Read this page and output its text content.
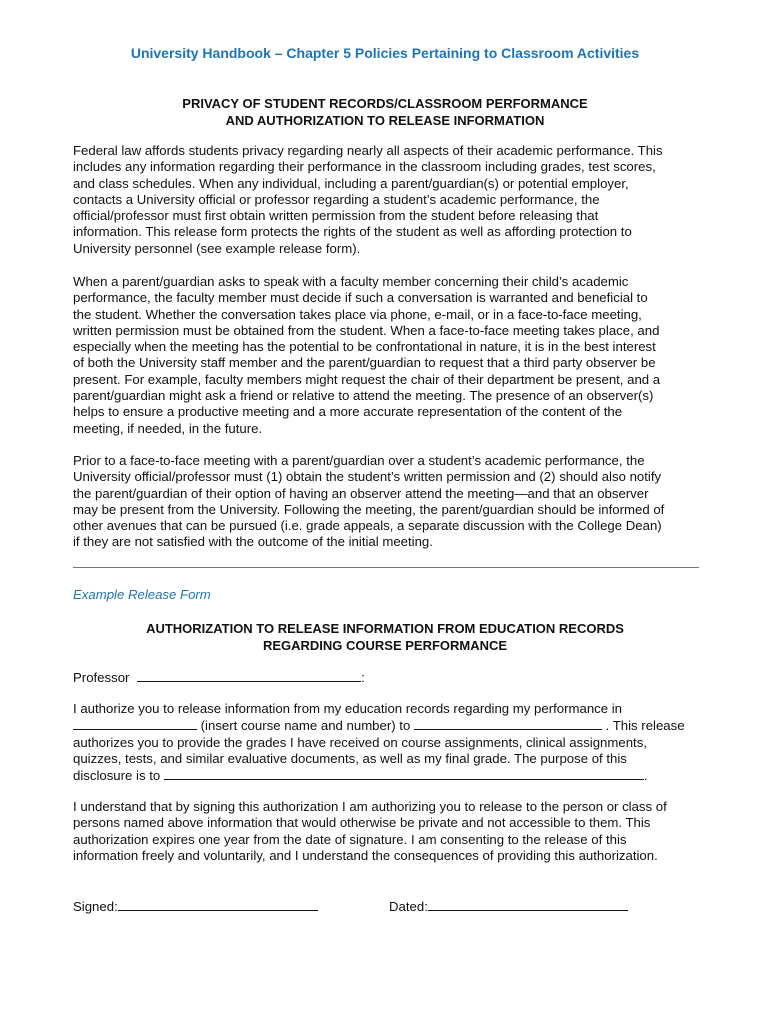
University Handbook – Chapter 5 Policies Pertaining to Classroom Activities
PRIVACY OF STUDENT RECORDS/CLASSROOM PERFORMANCE
AND AUTHORIZATION TO RELEASE INFORMATION

Federal law affords students privacy regarding nearly all aspects of their academic performance. This
includes any information regarding their performance in the classroom including grades, test scores,
and class schedules. When any individual, including a parent/guardian(s) or potential employer,
contacts a University official or professor regarding a student’s academic performance, the
official/professor must first obtain written permission from the student before releasing that
information. This release form protects the rights of the student as well as affording protection to
University personnel (see example release form).

When a parent/guardian asks to speak with a faculty member concerning their child’s academic
performance, the faculty member must decide if such a conversation is warranted and beneficial to
the student. Whether the conversation takes place via phone, e-mail, or in a face-to-face meeting,
written permission must be obtained from the student. When a face-to-face meeting takes place, and
especially when the meeting has the potential to be confrontational in nature, it is in the best interest
of both the University staff member and the parent/guardian to request that a third party observer be
present. For example, faculty members might request the chair of their department be present, and a
parent/guardian might ask a friend or relative to attend the meeting. The presence of an observer(s)
helps to ensure a productive meeting and a more accurate representation of the content of the
meeting, if needed, in the future.

Prior to a face-to-face meeting with a parent/guardian over a student’s academic performance, the
University official/professor must (1) obtain the student’s written permission and (2) should also notify
the parent/guardian of their option of having an observer attend the meeting—and that an observer
may be present from the University. Following the meeting, the parent/guardian should be informed of
other avenues that can be pursued (i.e. grade appeals, a separate discussion with the College Dean)
if they are not satisfied with the outcome of the initial meeting.

Example Release Form
AUTHORIZATION TO RELEASE INFORMATION FROM EDUCATION RECORDS
REGARDING COURSE PERFORMANCE
Professor	:
I authorize you to release information from my education records regarding my performance in
(insert course name and number) to	. This release
authorizes you to provide the grades I have received on course assignments, clinical assignments,
quizzes, tests, and similar evaluative documents, as well as my final grade. The purpose of this
disclosure is to	.

I understand that by signing this authorization I am authorizing you to release to the person or class of
persons named above information that would otherwise be private and not accessible to them. This
authorization expires one year from the date of signature. I am consenting to the release of this
information freely and voluntarily, and I understand the consequences of providing this authorization.

Signed:	Dated:
